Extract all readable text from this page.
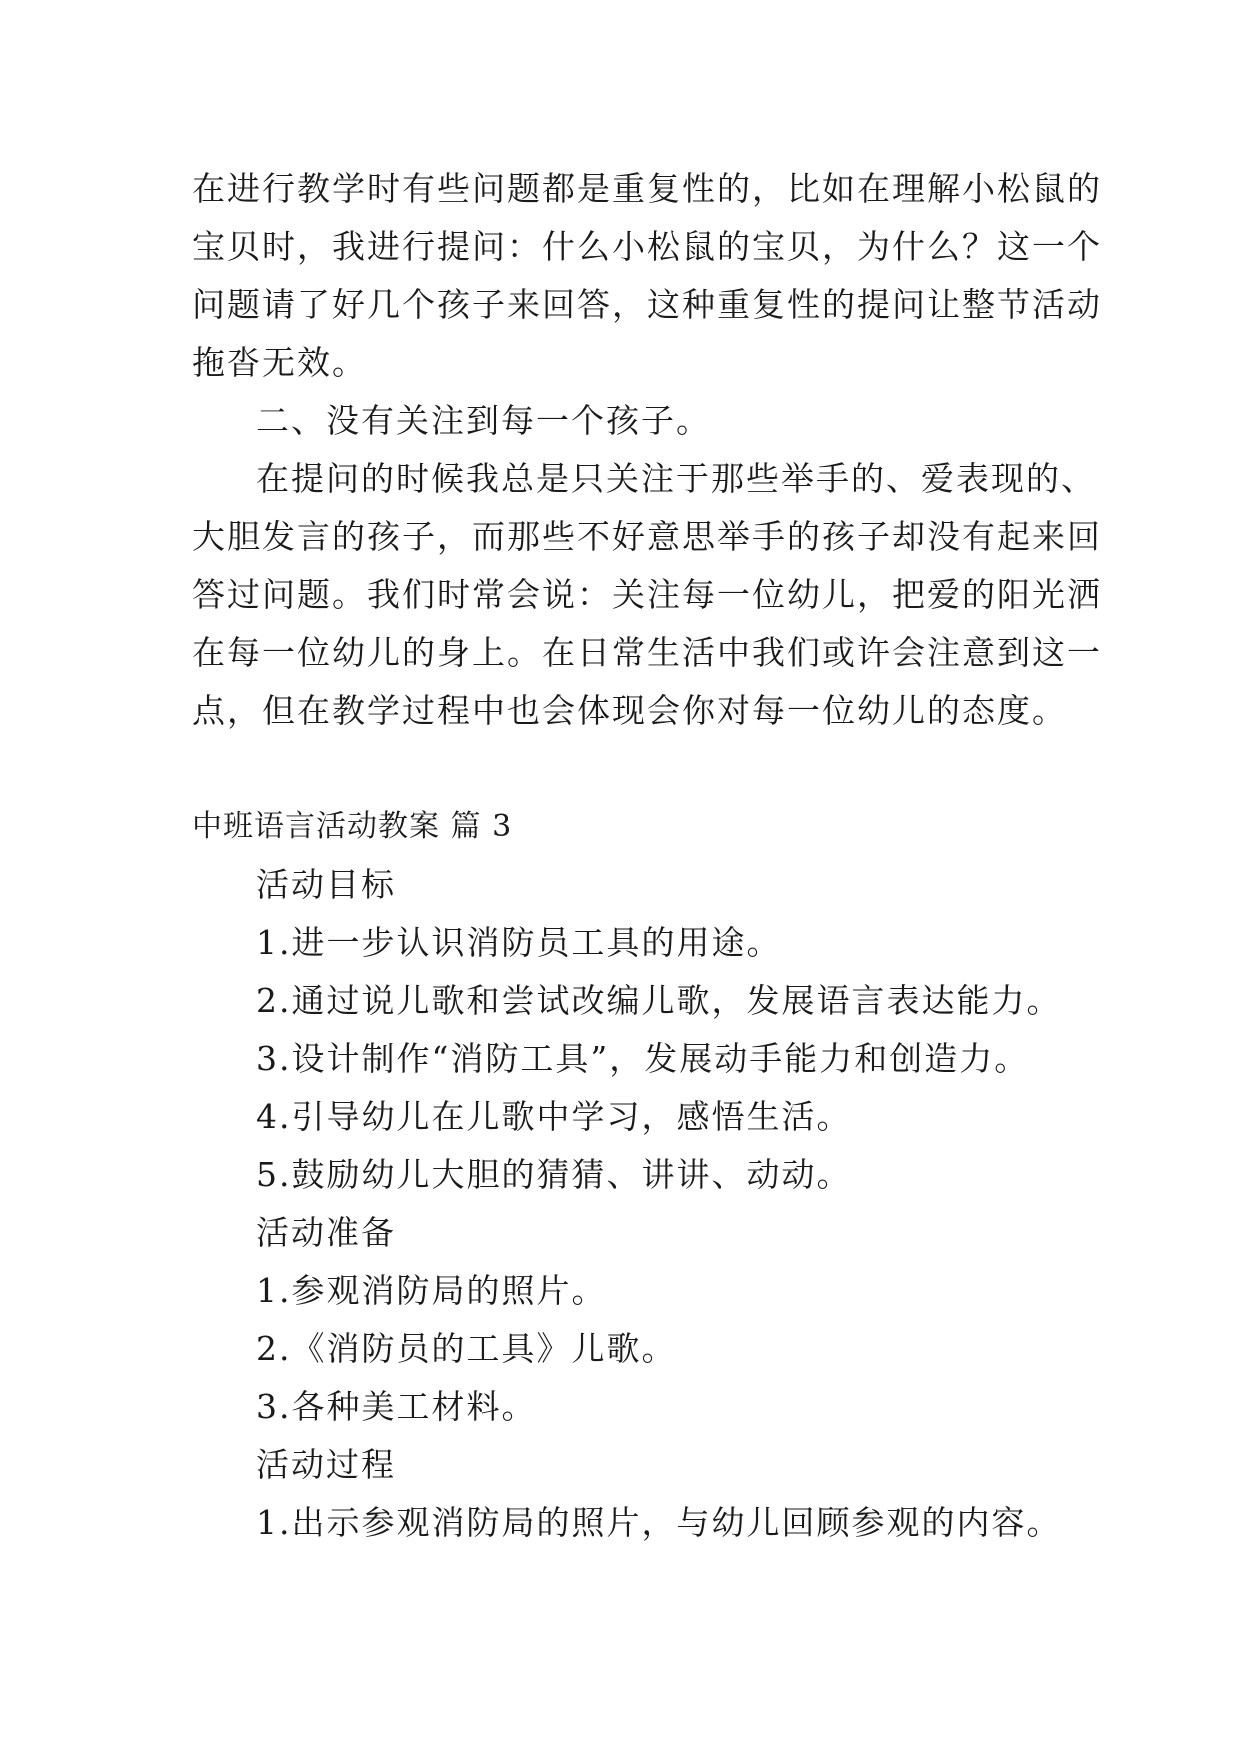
在进行教学时有些问题都是重复性的，比如在理解小松鼠的
宝贝时，我进行提问：什么小松鼠的宝贝，为什么？这一个
问题请了好几个孩子来回答，这种重复性的提问让整节活动
拖沓无效。
二、没有关注到每一个孩子。
在提问的时候我总是只关注于那些举手的、爱表现的、
大胆发言的孩子，而那些不好意思举手的孩子却没有起来回
答过问题。我们时常会说：关注每一位幼儿，把爱的阳光洒
在每一位幼儿的身上。在日常生活中我们或许会注意到这一
点，但在教学过程中也会体现会你对每一位幼儿的态度。
中班语言活动教案 篇 3
活动目标
1.进一步认识消防员工具的用途。
2.通过说儿歌和尝试改编儿歌，发展语言表达能力。
3.设计制作“消防工具”，发展动手能力和创造力。
4.引导幼儿在儿歌中学习，感悟生活。
5.鼓励幼儿大胆的猜猜、讲讲、动动。
活动准备
1.参观消防局的照片。
2.《消防员的工具》儿歌。
3.各种美工材料。
活动过程
1.出示参观消防局的照片，与幼儿回顾参观的内容。
